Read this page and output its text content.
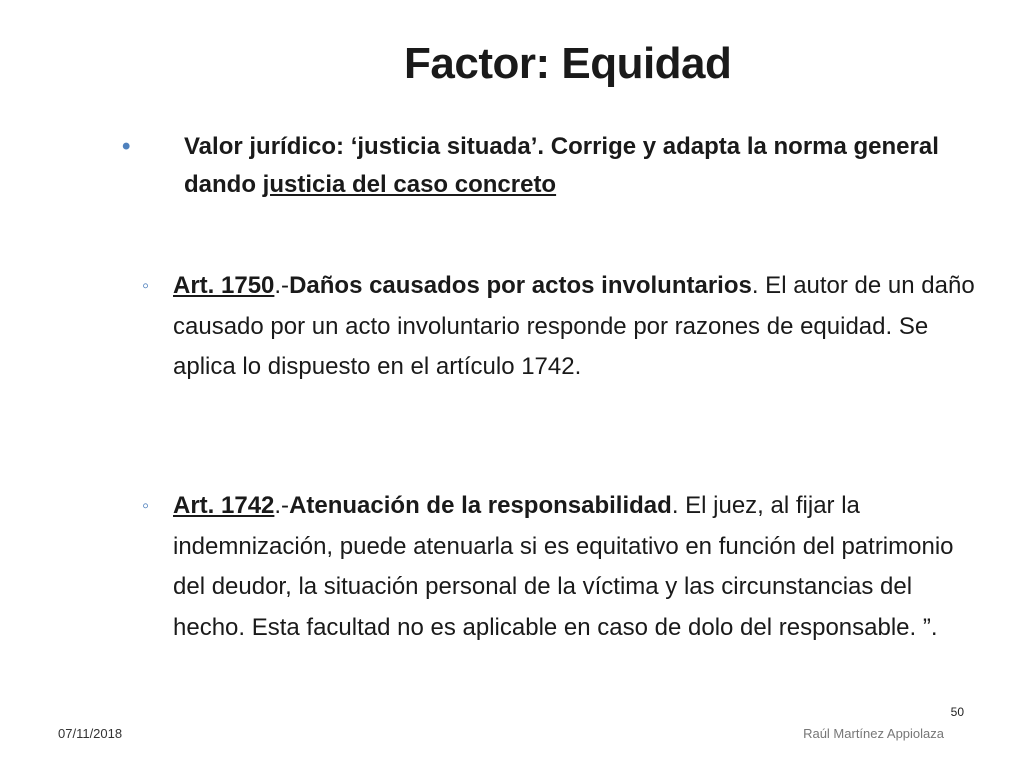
Factor: Equidad
• Valor jurídico: ‘justicia situada’. Corrige y adapta la norma general dando justicia del caso concreto
◦ Art. 1750.-Daños causados por actos involuntarios. El autor de un daño causado por un acto involuntario responde por razones de equidad. Se aplica lo dispuesto en el artículo 1742.
◦ Art. 1742.-Atenuación de la responsabilidad. El juez, al fijar la indemnización, puede atenuarla si es equitativo en función del patrimonio del deudor, la situación personal de la víctima y las circunstancias del hecho. Esta facultad no es aplicable en caso de dolo del responsable. ”.
50
07/11/2018	Raúl Martínez Appiolaza
